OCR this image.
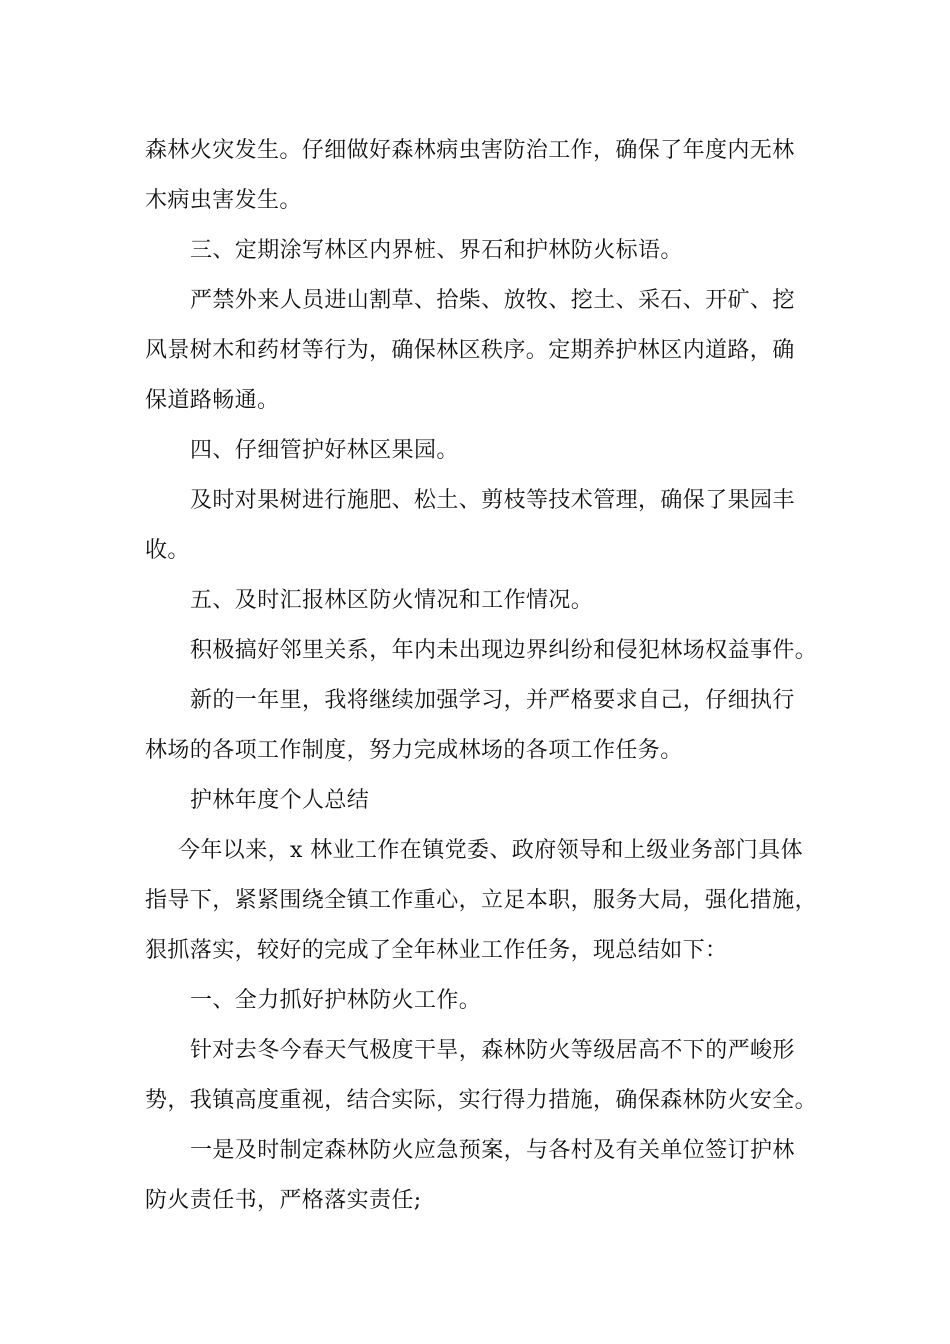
森林火灾发生。仔细做好森林病虫害防治工作，确保了年度内无林
木病虫害发生。
三、定期涂写林区内界桩、界石和护林防火标语。
严禁外来人员进山割草、拾柴、放牧、挖土、采石、开矿、挖
风景树木和药材等行为，确保林区秩序。定期养护林区内道路，确
保道路畅通。
四、仔细管护好林区果园。
及时对果树进行施肥、松土、剪枝等技术管理，确保了果园丰
收。
五、及时汇报林区防火情况和工作情况。
积极搞好邻里关系，年内未出现边界纠纷和侵犯林场权益事件。
新的一年里，我将继续加强学习，并严格要求自己，仔细执行
林场的各项工作制度，努力完成林场的各项工作任务。
护林年度个人总结
今年以来，x 林业工作在镇党委、政府领导和上级业务部门具体
指导下，紧紧围绕全镇工作重心，立足本职，服务大局，强化措施，
狠抓落实，较好的完成了全年林业工作任务，现总结如下：
一、全力抓好护林防火工作。
针对去冬今春天气极度干旱，森林防火等级居高不下的严峻形
势，我镇高度重视，结合实际，实行得力措施，确保森林防火安全。
一是及时制定森林防火应急预案，与各村及有关单位签订护林
防火责任书，严格落实责任;
